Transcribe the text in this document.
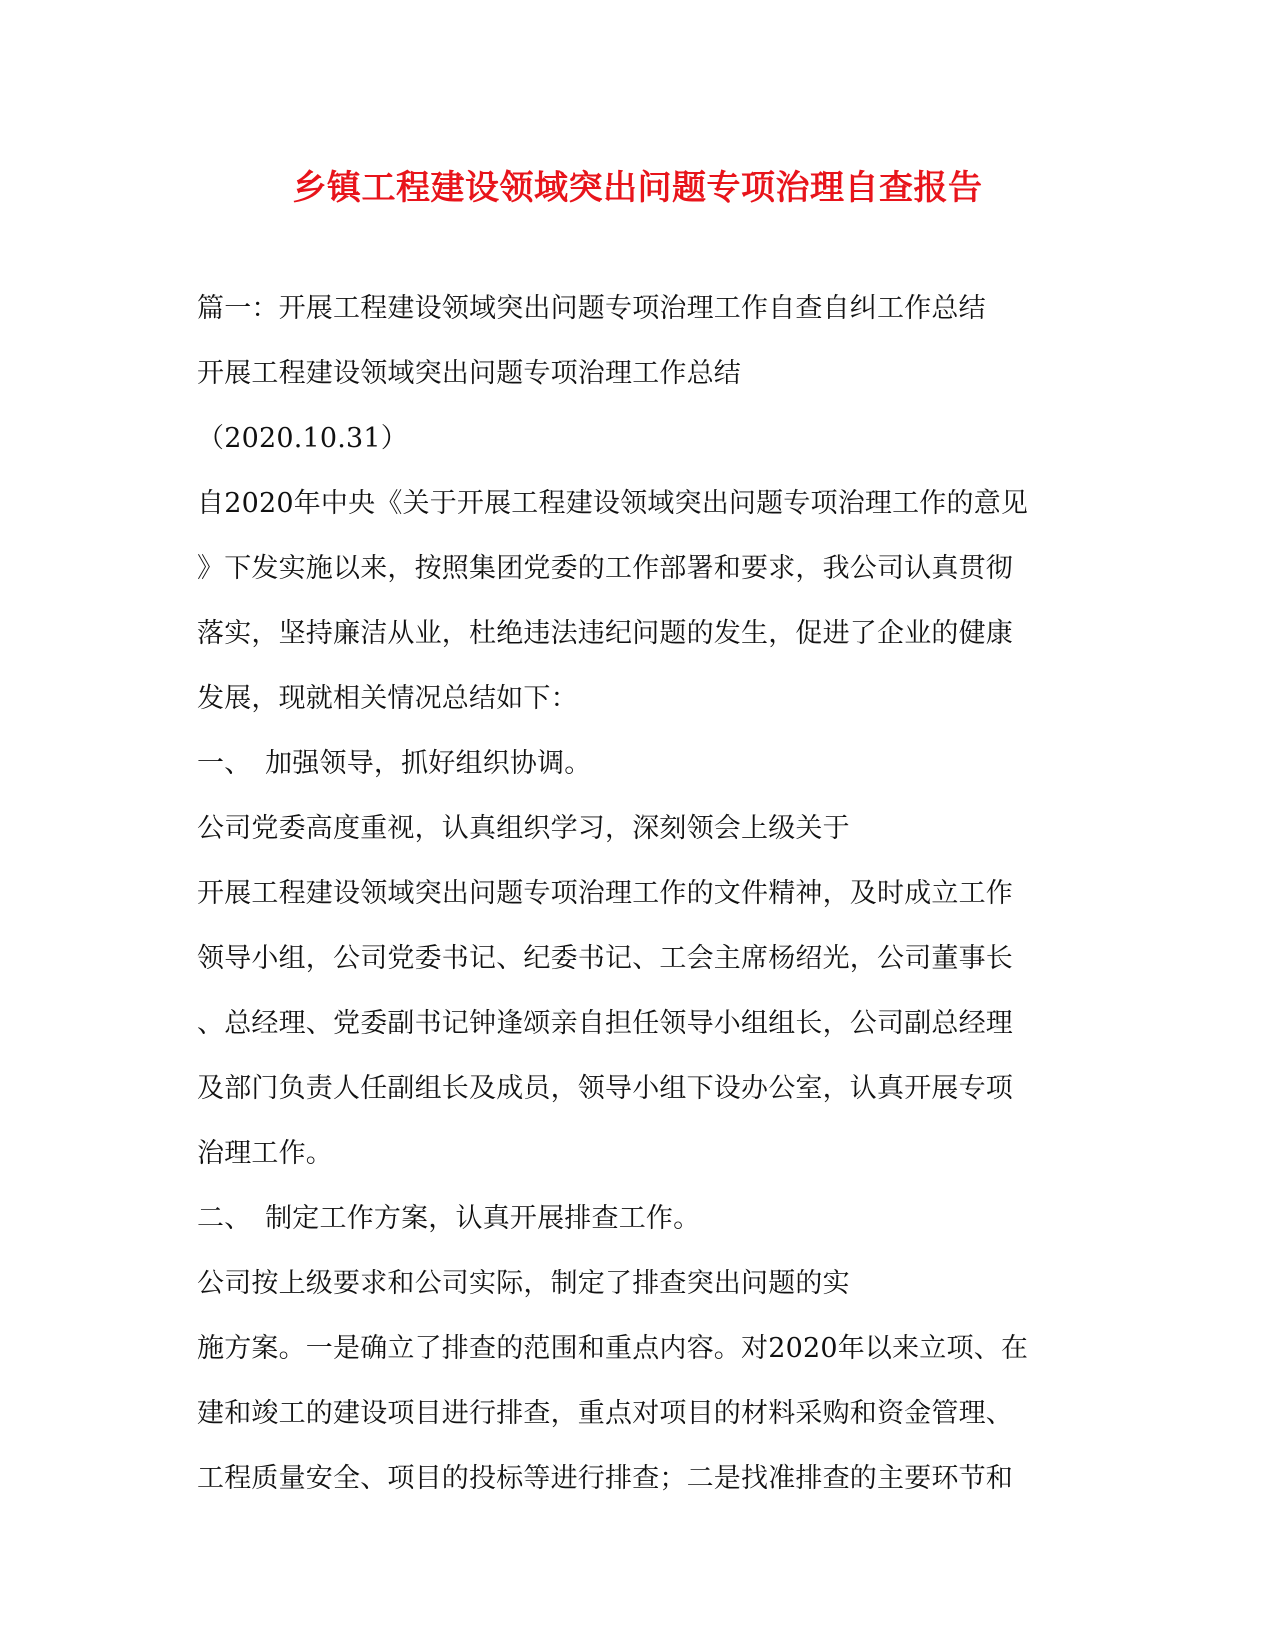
乡镇工程建设领域突出问题专项治理自查报告
篇一：开展工程建设领域突出问题专项治理工作自查自纠工作总结
开展工程建设领域突出问题专项治理工作总结
（2020.10.31）
自2020年中央《关于开展工程建设领域突出问题专项治理工作的意见
》下发实施以来，按照集团党委的工作部署和要求，我公司认真贯彻
落实，坚持廉洁从业，杜绝违法违纪问题的发生，促进了企业的健康
发展，现就相关情况总结如下：
一、　加强领导，抓好组织协调。
公司党委高度重视，认真组织学习，深刻领会上级关于
开展工程建设领域突出问题专项治理工作的文件精神，及时成立工作
领导小组，公司党委书记、纪委书记、工会主席杨绍光，公司董事长
、总经理、党委副书记钟逢颂亲自担任领导小组组长，公司副总经理
及部门负责人任副组长及成员，领导小组下设办公室，认真开展专项
治理工作。
二、　制定工作方案，认真开展排查工作。
公司按上级要求和公司实际，制定了排查突出问题的实
施方案。一是确立了排查的范围和重点内容。对2020年以来立项、在
建和竣工的建设项目进行排查，重点对项目的材料采购和资金管理、
工程质量安全、项目的投标等进行排查；二是找准排查的主要环节和
